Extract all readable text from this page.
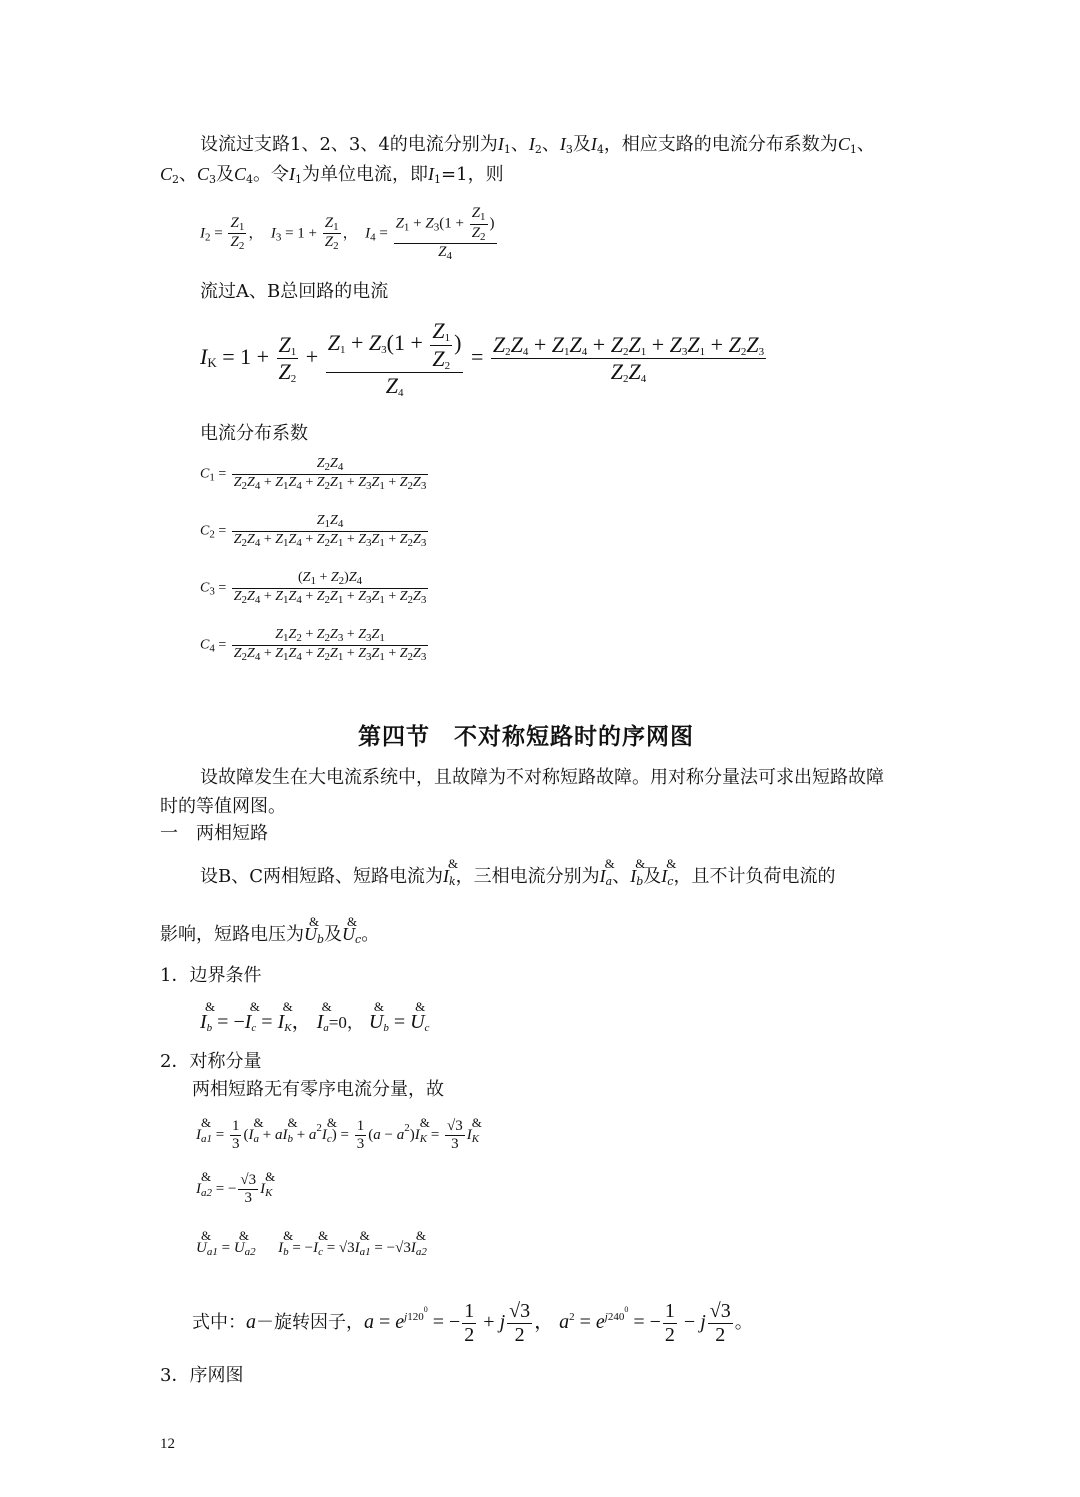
设流过支路1、2、3、4的电流分别为$I_1$、$I_2$、$I_3$及$I_4$，相应支路的电流分布系数为$C_1$、
$C_2$、$C_3$及$C_4$。令$I_1$为单位电流，即$I_1=1$，则
$I_2 = \frac{Z_1}{Z_2}$ ，  $I_3 = 1 + \frac{Z_1}{Z_2}$ ，  $I_4 = \frac{Z_1 + Z_3(1 + \frac{Z_1}{Z_2} )}{Z_4}$
流过A、B总回路的电流
$I_K = 1 + \frac{Z_1}{Z_2} + \frac{Z_1 + Z_3(1 + \frac{Z_1}{Z_2} )}{Z_4} = \frac{Z_2Z_4 + Z_1Z_4 + Z_2Z_1 + Z_3Z_1 + Z_2Z_3}{Z_2Z_4}$
电流分布系数
$C_1 = \frac{Z_2Z_4}{Z_2Z_4 + Z_1Z_4 + Z_2Z_1 + Z_3Z_1 + Z_2Z_3}$
$C_2 = \frac{Z_1Z_4}{Z_2Z_4 + Z_1Z_4 + Z_2Z_1 + Z_3Z_1 + Z_2Z_3}$
$C_3 = \frac{(Z_1 + Z_2)Z_4}{Z_2Z_4 + Z_1Z_4 + Z_2Z_1 + Z_3Z_1 + Z_2Z_3}$
$C_4 = \frac{Z_1Z_2 + Z_2Z_3 + Z_3Z_1}{Z_2Z_4 + Z_1Z_4 + Z_2Z_1 + Z_3Z_1 + Z_2Z_3}$
第四节　不对称短路时的序网图
设故障发生在大电流系统中，且故障为不对称短路故障。用对称分量法可求出短路故障
时的等值网图。
一　两相短路
设B、C两相短路、短路电流为I
&
$_k$，三相电流分别为I
&
$_a$、I
&
$_b$及I
&
$_c$，且不计负荷电流的
影响，短路电压为U
&
$_b$及U
&
$_c$。
1．边界条件
I
&
$_b$ = −I
&
$_c$ = I
&
$_K$， I
&
$_a$=0， U
&
$_b$ = U
&
$_c$
2．对称分量
两相短路无有零序电流分量，故
I
&
$_{a1} = \frac{1}{3} (I$
&
$_a$ + aI
&
$_b + a^2I$
&
$_c) = \frac{1}{3} (a - a^2)I$
&
$_K = \frac{√3}{3}$ I
&
$_K$
I
&
$_{a2}$ = − $\frac{√3}{3}$ I
&
$_K$
U
&
$_{a1}$ = U
&
$_{a2}$ I
&
$_b$ = −I
&
$_c$ = √3I
&
$_{a1}$ = −√3I
&
$_{a2}$
式中：a－旋转因子，$a = e^{j120^0}$ = − $\frac{1}{2} + j \frac{√3}{2}$ ， $a^2 = e^{j240^0}$ = − $\frac{1}{2} - j \frac{√3}{2}$ 。
3．序网图
12
